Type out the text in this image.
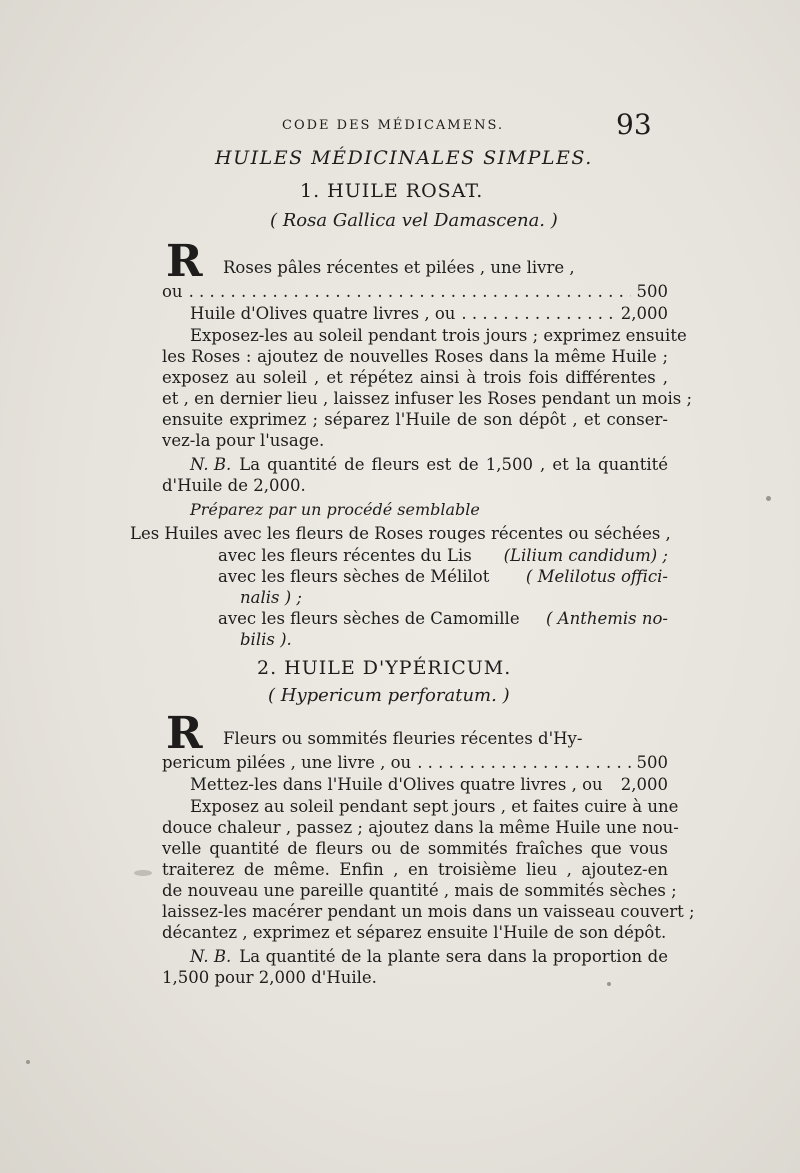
CODE DES MÉDICAMENS.	93
HUILES MÉDICINALES SIMPLES.
1. HUILE ROSAT.
( Rosa Gallica vel Damascena. )
R Roses pâles récentes et pilées , une livre ,
ou . . .	500
Huile d'Olives quatre livres , ou . . .	2,000
Exposez-les au soleil pendant trois jours ; exprimez ensuite
les Roses : ajoutez de nouvelles Roses dans la même Huile ;
exposez au soleil , et répétez ainsi à trois fois différentes ,
et , en dernier lieu , laissez infuser les Roses pendant un mois ;
ensuite exprimez ; séparez l'Huile de son dépôt , et conser-
vez-la pour l'usage.
N. B. La quantité de fleurs est de 1,500 , et la quantité
d'Huile de 2,000.
Préparez par un procédé semblable
Les Huiles avec les fleurs de Roses rouges récentes ou séchées ,
avec les fleurs récentes du Lis (Lilium candidum) ;
avec les fleurs sèches de Mélilot ( Melilotus offici-
nalis ) ;
avec les fleurs sèches de Camomille ( Anthemis no-
bilis ).
2. HUILE D'YPÉRICUM.
( Hypericum perforatum. )
R Fleurs ou sommités fleuries récentes d'Hy-
pericum pilées , une livre , ou . . .	500
Mettez-les dans l'Huile d'Olives quatre livres , ou 2,000
Exposez au soleil pendant sept jours , et faites cuire à une
douce chaleur , passez ; ajoutez dans la même Huile une nou-
velle quantité de fleurs ou de sommités fraîches que vous
traiterez de même. Enfin , en troisième lieu , ajoutez-en
de nouveau une pareille quantité , mais de sommités sèches ;
laissez-les macérer pendant un mois dans un vaisseau couvert ;
décantez , exprimez et séparez ensuite l'Huile de son dépôt.
N. B. La quantité de la plante sera dans la proportion de
1,500 pour 2,000 d'Huile.
